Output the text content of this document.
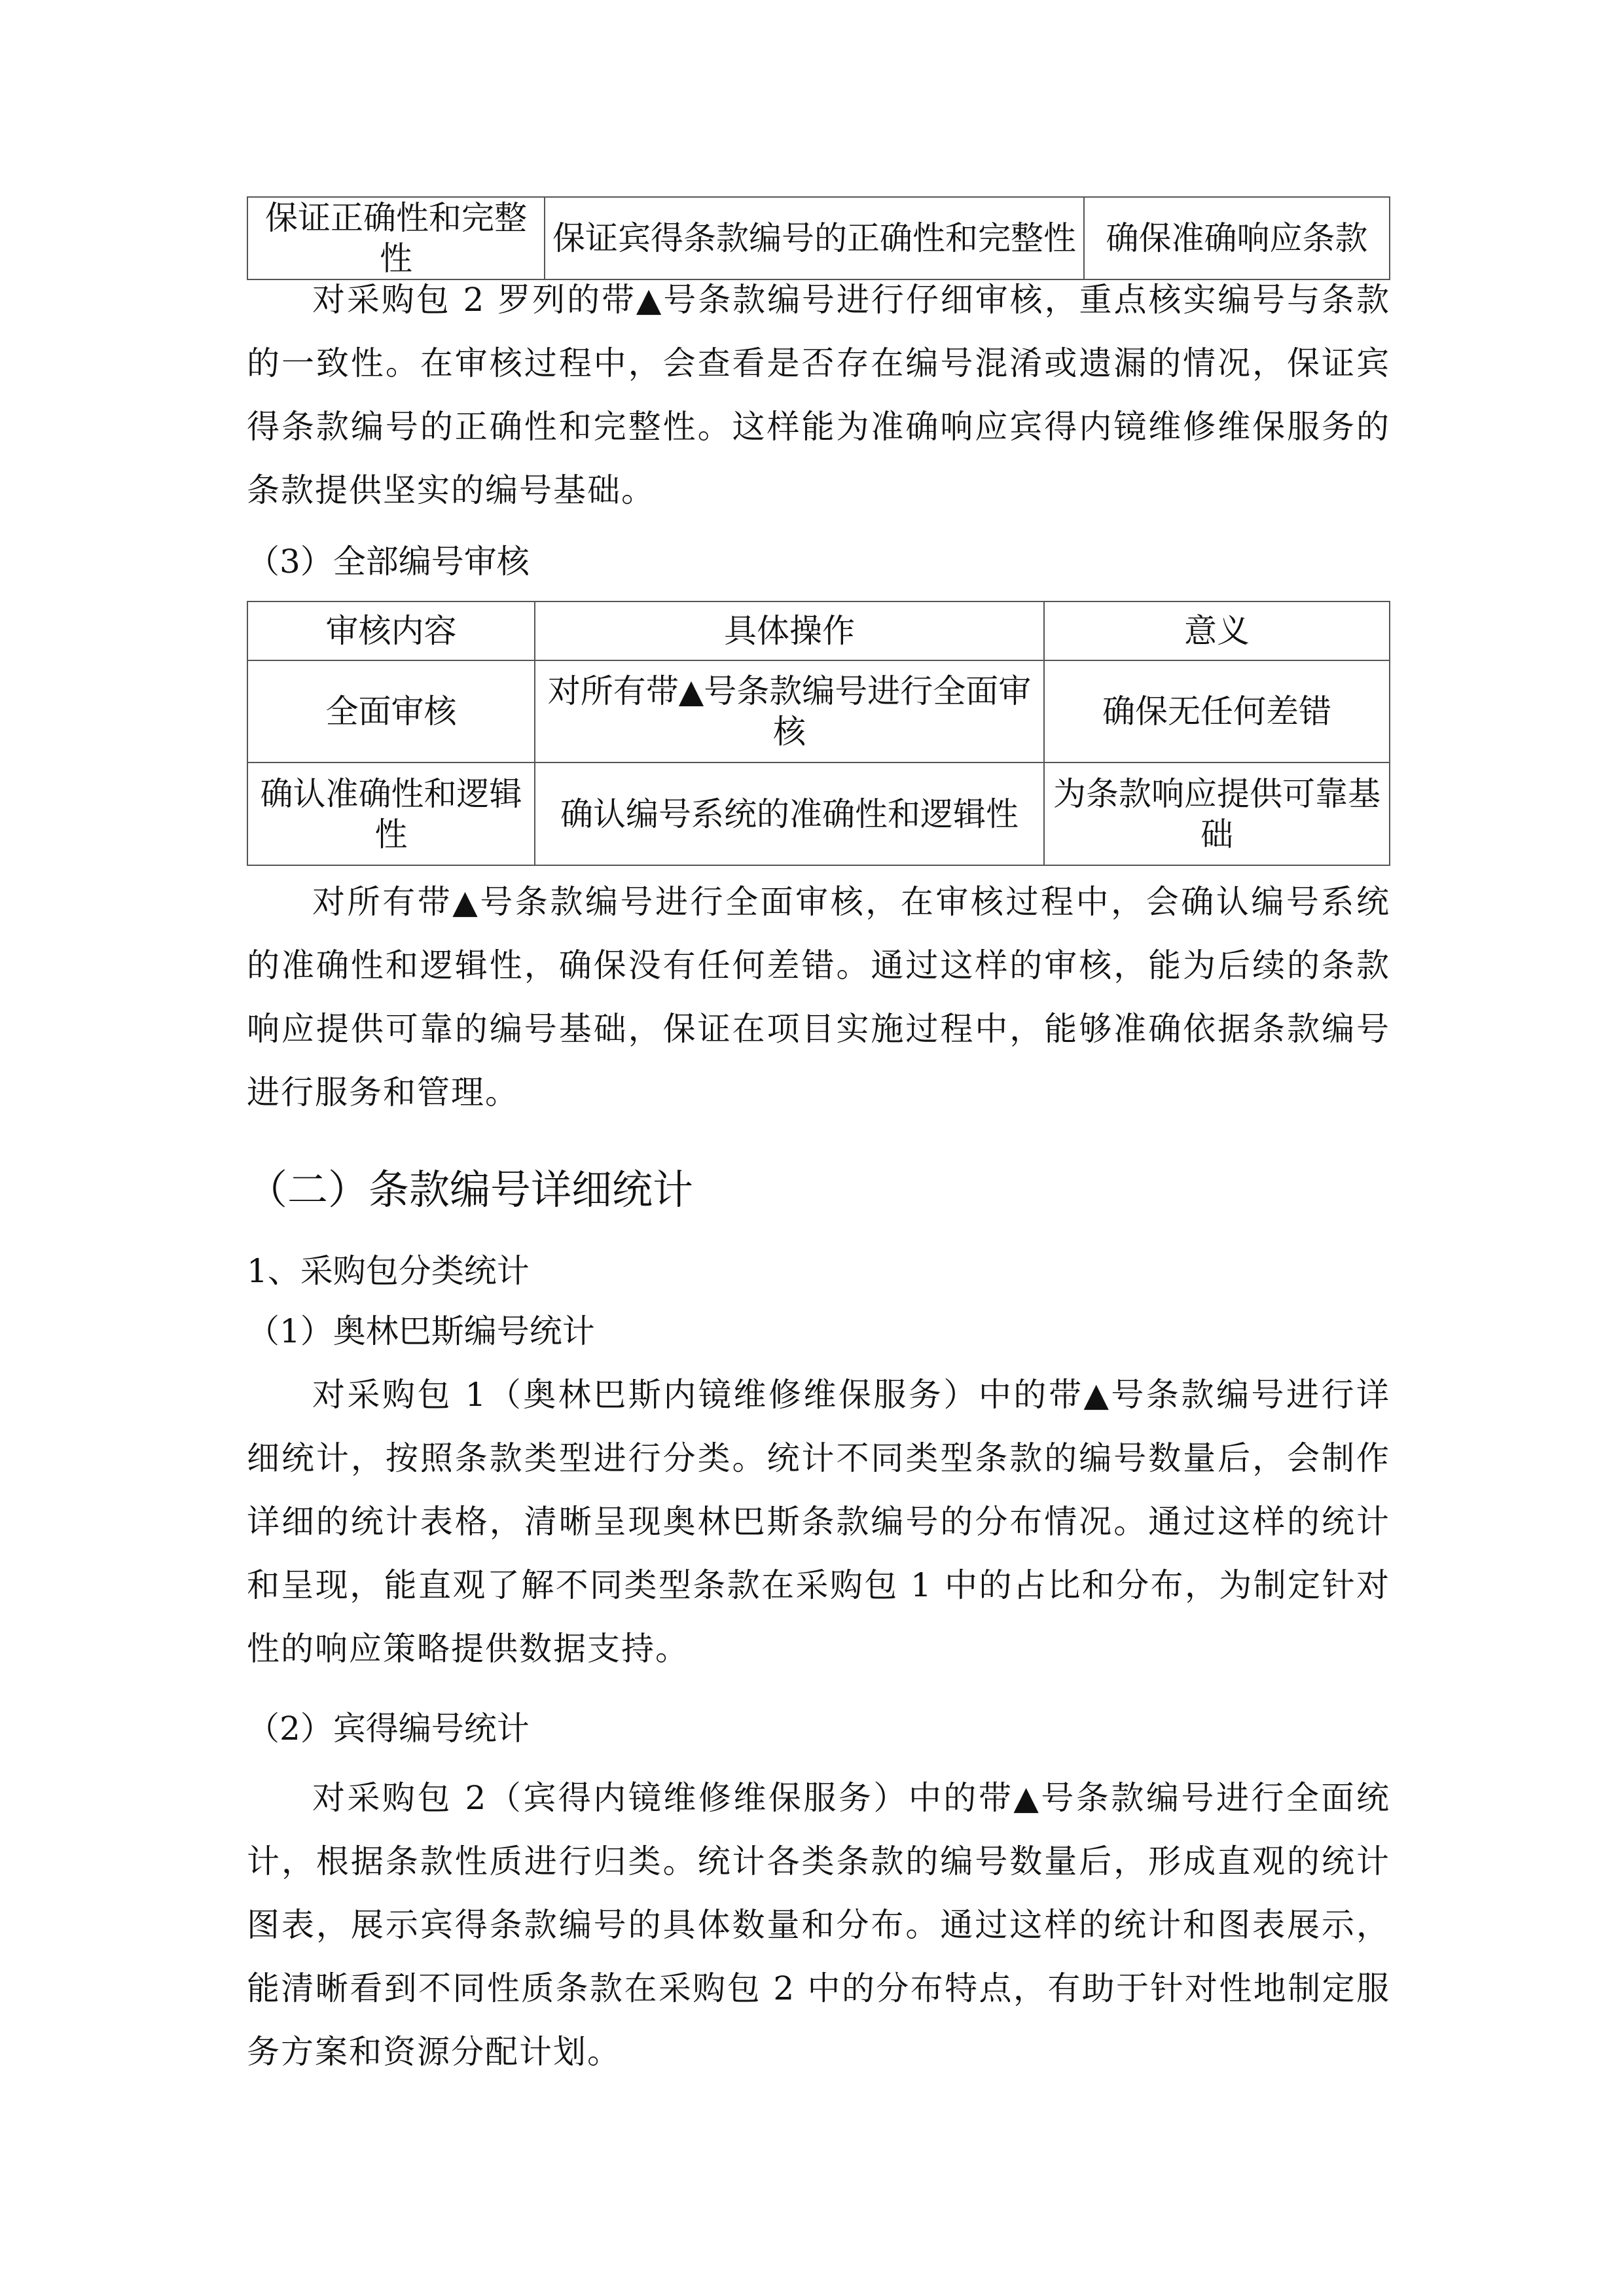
保证正确性和完整性	保证宾得条款编号的正确性和完整性	确保准确响应条款
对采购包 2 罗列的带▲号条款编号进行仔细审核，重点核实编号与条款的一致性。在审核过程中，会查看是否存在编号混淆或遗漏的情况，保证宾得条款编号的正确性和完整性。这样能为准确响应宾得内镜维修维保服务的条款提供坚实的编号基础。
（3）全部编号审核
审核内容	具体操作	意义
全面审核	对所有带▲号条款编号进行全面审核	确保无任何差错
确认准确性和逻辑性	确认编号系统的准确性和逻辑性	为条款响应提供可靠基础
对所有带▲号条款编号进行全面审核，在审核过程中，会确认编号系统的准确性和逻辑性，确保没有任何差错。通过这样的审核，能为后续的条款响应提供可靠的编号基础，保证在项目实施过程中，能够准确依据条款编号进行服务和管理。
（二）条款编号详细统计
1、采购包分类统计
（1）奥林巴斯编号统计
对采购包 1（奥林巴斯内镜维修维保服务）中的带▲号条款编号进行详细统计，按照条款类型进行分类。统计不同类型条款的编号数量后，会制作详细的统计表格，清晰呈现奥林巴斯条款编号的分布情况。通过这样的统计和呈现，能直观了解不同类型条款在采购包 1 中的占比和分布，为制定针对性的响应策略提供数据支持。
（2）宾得编号统计
对采购包 2（宾得内镜维修维保服务）中的带▲号条款编号进行全面统计，根据条款性质进行归类。统计各类条款的编号数量后，形成直观的统计图表，展示宾得条款编号的具体数量和分布。通过这样的统计和图表展示，能清晰看到不同性质条款在采购包 2 中的分布特点，有助于针对性地制定服务方案和资源分配计划。
